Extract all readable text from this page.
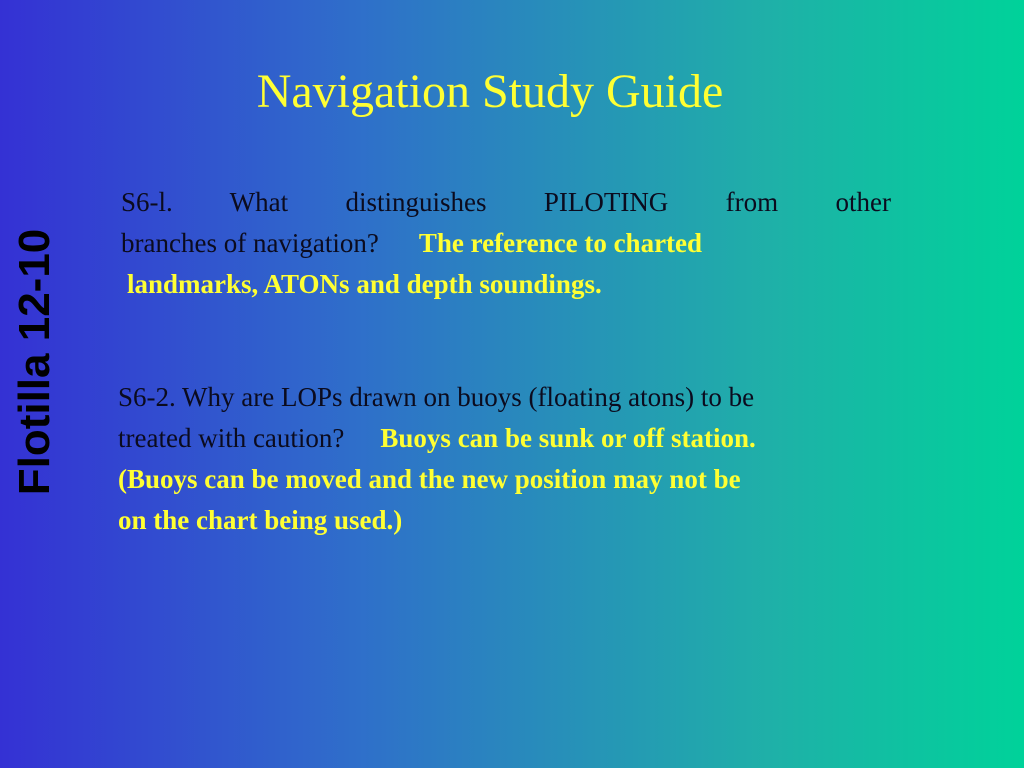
Navigation Study Guide
Flotilla 12-10
S6-l. What distinguishes PILOTING from other
branches of navigation? The reference to charted
landmarks, ATONs and depth soundings.
S6-2. Why are LOPs drawn on buoys (floating atons) to be
treated with caution? Buoys can be sunk or off station.
(Buoys can be moved and the new position may not be
on the chart being used.)
